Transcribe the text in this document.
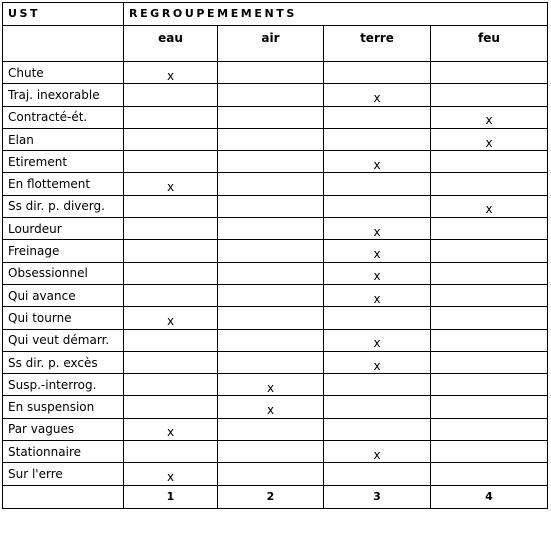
UST	REGROUPEMEMENTS			
	eau	air	terre	feu
Chute	x			
Traj. inexorable			x	
Contracté-ét.				x
Elan				x
Etirement			x	
En flottement	x			
Ss dir. p. diverg.				x
Lourdeur			x	
Freinage			x	
Obsessionnel			x	
Qui avance			x	
Qui tourne	x			
Qui veut démarr.			x	
Ss dir. p. excès			x	
Susp.-interrog.		x		
En suspension		x		
Par vagues	x			
Stationnaire			x	
Sur l'erre	x			
	1	2	3	4
